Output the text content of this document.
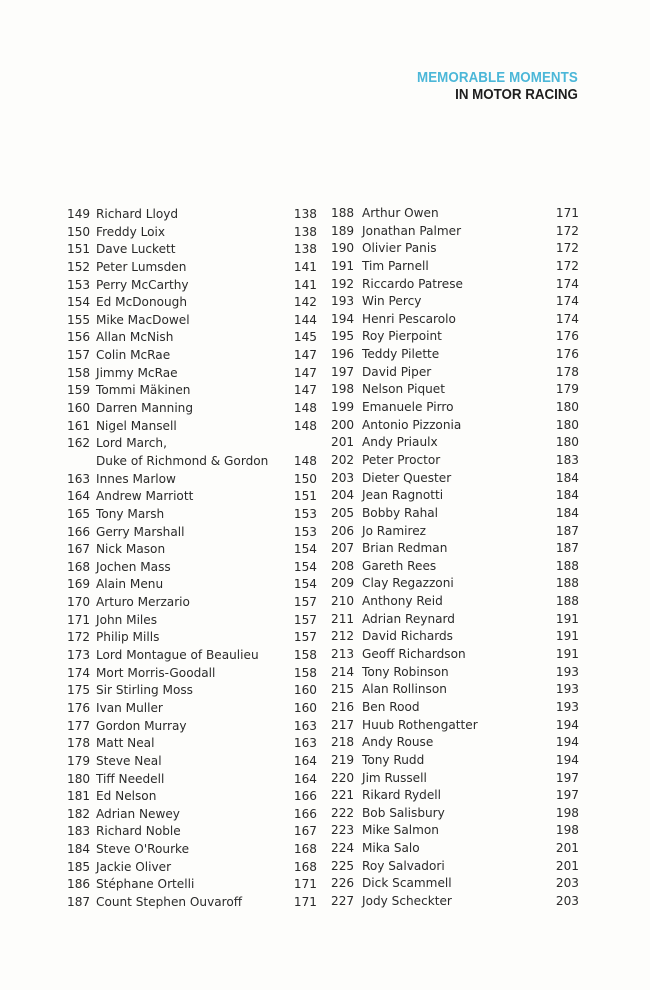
MEMORABLE MOMENTS
IN MOTOR RACING
149 Richard Lloyd	138
150 Freddy Loix	138
151 Dave Luckett	138
152 Peter Lumsden	141
153 Perry McCarthy	141
154 Ed McDonough	142
155 Mike MacDowel	144
156 Allan McNish	145
157 Colin McRae	147
158 Jimmy McRae	147
159 Tommi Mäkinen	147
160 Darren Manning	148
161 Nigel Mansell	148
162 Lord March,
Duke of Richmond & Gordon 148
163 Innes Marlow	150
164 Andrew Marriott	151
165 Tony Marsh	153
166 Gerry Marshall	153
167 Nick Mason	154
168 Jochen Mass	154
169 Alain Menu	154
170 Arturo Merzario	157
171 John Miles	157
172 Philip Mills	157
173 Lord Montague of Beaulieu	158
174 Mort Morris-Goodall	158
175 Sir Stirling Moss	160
176 Ivan Muller	160
177 Gordon Murray	163
178 Matt Neal	163
179 Steve Neal	164
180 Tiff Needell	164
181 Ed Nelson	166
182 Adrian Newey	166
183 Richard Noble	167
184 Steve O'Rourke	168
185 Jackie Oliver	168
186 Stéphane Ortelli	171
187 Count Stephen Ouvaroff	171
188 Arthur Owen	171
189 Jonathan Palmer	172
190 Olivier Panis	172
191 Tim Parnell	172
192 Riccardo Patrese	174
193 Win Percy	174
194 Henri Pescarolo	174
195 Roy Pierpoint	176
196 Teddy Pilette	176
197 David Piper	178
198 Nelson Piquet	179
199 Emanuele Pirro	180
200 Antonio Pizzonia	180
201 Andy Priaulx	180
202 Peter Proctor	183
203 Dieter Quester	184
204 Jean Ragnotti	184
205 Bobby Rahal	184
206 Jo Ramirez	187
207 Brian Redman	187
208 Gareth Rees	188
209 Clay Regazzoni	188
210 Anthony Reid	188
211 Adrian Reynard	191
212 David Richards	191
213 Geoff Richardson	191
214 Tony Robinson	193
215 Alan Rollinson	193
216 Ben Rood	193
217 Huub Rothengatter	194
218 Andy Rouse	194
219 Tony Rudd	194
220 Jim Russell	197
221 Rikard Rydell	197
222 Bob Salisbury	198
223 Mike Salmon	198
224 Mika Salo	201
225 Roy Salvadori	201
226 Dick Scammell	203
227 Jody Scheckter	203
